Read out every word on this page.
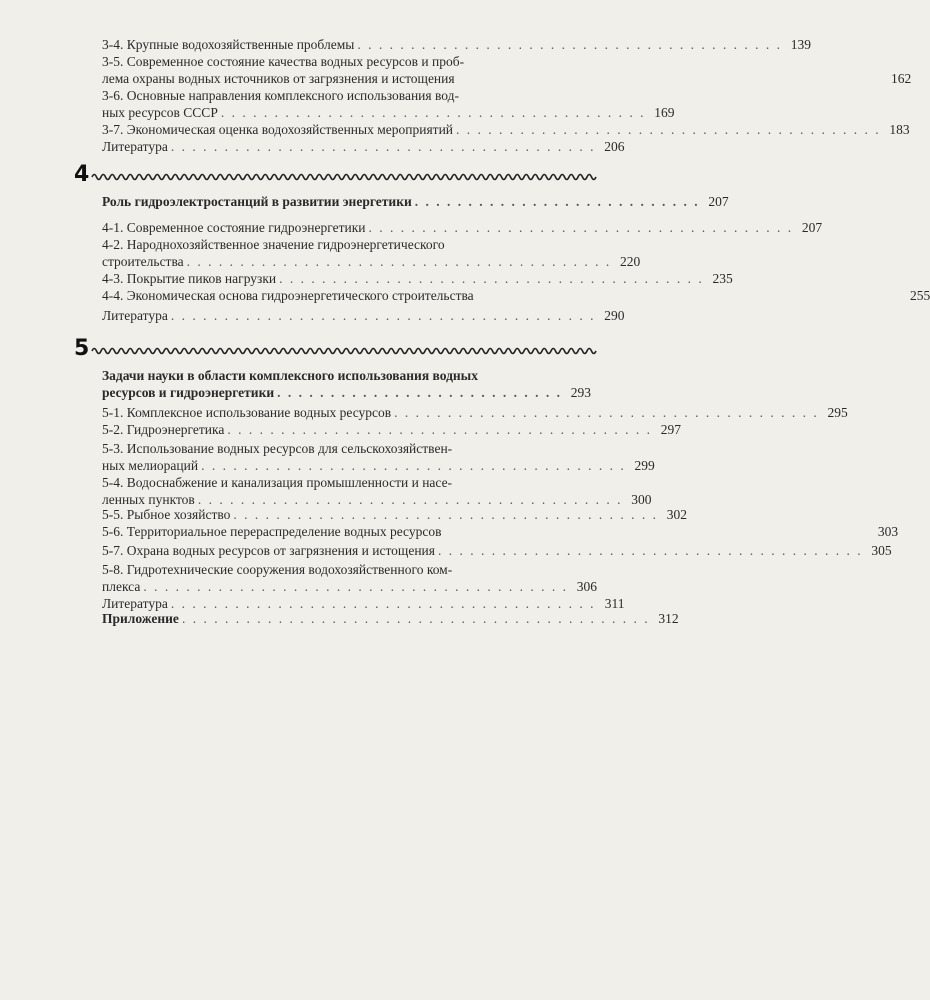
3-4. Крупные водохозяйственные проблемы . . . . . . . . . . . . . . . . . . . . . . . . . . . . . . . . . . . . . . . . 139
3-5. Современное состояние качества водных ресурсов и проб-
лема охраны водных источников от загрязнения и истощения	162
3-6. Основные направления комплексного использования вод-
ных ресурсов СССР . . . . . . . . . . . . . . . . . . . . . . . . . . . . . . . . . . . . . . . . 169
3-7. Экономическая оценка водохозяйственных мероприятий . . . . . . . . . . . . . . . . . . . . . . . . . . . . . . . . . . . . . . . . 183
Литература . . . . . . . . . . . . . . . . . . . . . . . . . . . . . . . . . . . . . . . . 206
4
Роль гидроэлектростанций в развитии энергетики . . . . . . . . . . . . . . . . . . . . . . . . . . . 207
4-1. Современное состояние гидроэнергетики . . . . . . . . . . . . . . . . . . . . . . . . . . . . . . . . . . . . . . . . 207
4-2. Народнохозяйственное значение гидроэнергетического
строительства . . . . . . . . . . . . . . . . . . . . . . . . . . . . . . . . . . . . . . . . 220
4-3. Покрытие пиков нагрузки . . . . . . . . . . . . . . . . . . . . . . . . . . . . . . . . . . . . . . . . 235
4-4. Экономическая основа гидроэнергетического строительства	255
Литература . . . . . . . . . . . . . . . . . . . . . . . . . . . . . . . . . . . . . . . . 290
5
Задачи науки в области комплексного использования водных
ресурсов и гидроэнергетики . . . . . . . . . . . . . . . . . . . . . . . . . . . 293
5-1. Комплексное использование водных ресурсов . . . . . . . . . . . . . . . . . . . . . . . . . . . . . . . . . . . . . . . . 295
5-2. Гидроэнергетика . . . . . . . . . . . . . . . . . . . . . . . . . . . . . . . . . . . . . . . . 297
5-3. Использование водных ресурсов для сельскохозяйствен-
ных мелиораций . . . . . . . . . . . . . . . . . . . . . . . . . . . . . . . . . . . . . . . . 299
5-4. Водоснабжение и канализация промышленности и насе-
ленных пунктов . . . . . . . . . . . . . . . . . . . . . . . . . . . . . . . . . . . . . . . . 300
5-5. Рыбное хозяйство . . . . . . . . . . . . . . . . . . . . . . . . . . . . . . . . . . . . . . . . 302
5-6. Территориальное перераспределение водных ресурсов	303
5-7. Охрана водных ресурсов от загрязнения и истощения . . . . . . . . . . . . . . . . . . . . . . . . . . . . . . . . . . . . . . . . 305
5-8. Гидротехнические сооружения водохозяйственного ком-
плекса . . . . . . . . . . . . . . . . . . . . . . . . . . . . . . . . . . . . . . . . 306
Литература . . . . . . . . . . . . . . . . . . . . . . . . . . . . . . . . . . . . . . . . 311
Приложение . . . . . . . . . . . . . . . . . . . . . . . . . . . . . . . . . . . . . . . . . . . . 312
